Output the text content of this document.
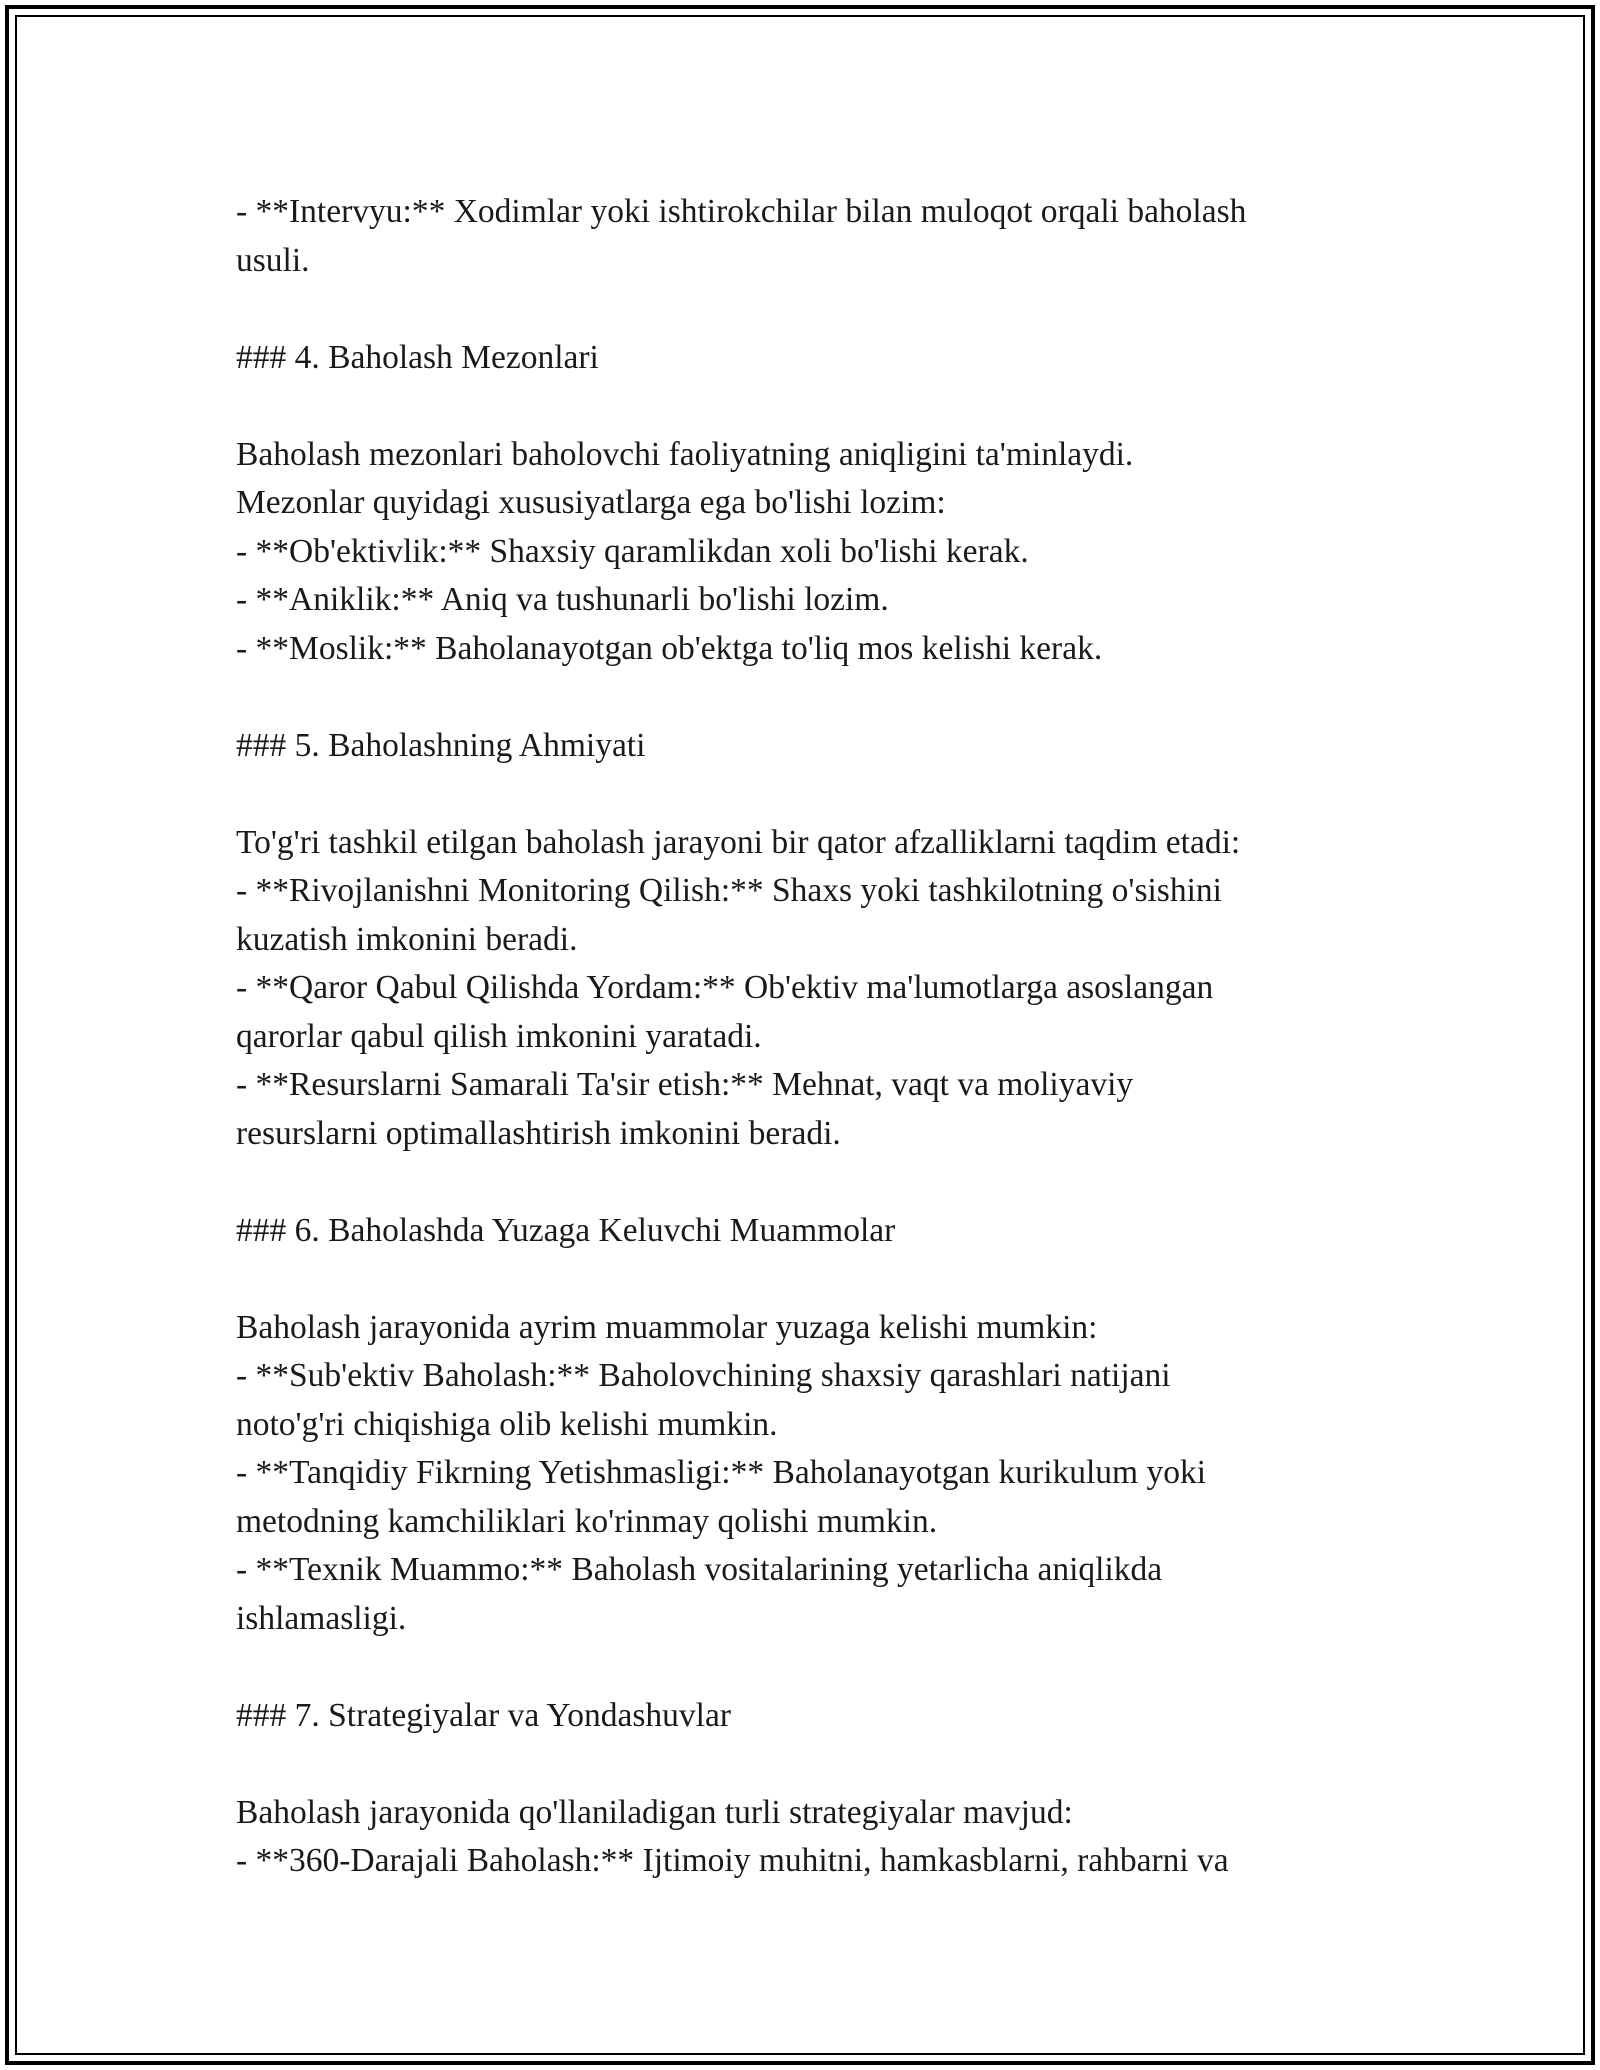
- **Intervyu:** Xodimlar yoki ishtirokchilar bilan muloqot orqali baholash
usuli.
### 4. Baholash Mezonlari
Baholash mezonlari baholovchi faoliyatning aniqligini ta'minlaydi.
Mezonlar quyidagi xususiyatlarga ega bo'lishi lozim:
- **Ob'ektivlik:** Shaxsiy qaramlikdan xoli bo'lishi kerak.
- **Aniklik:** Aniq va tushunarli bo'lishi lozim.
- **Moslik:** Baholanayotgan ob'ektga to'liq mos kelishi kerak.
### 5. Baholashning Ahmiyati
To'g'ri tashkil etilgan baholash jarayoni bir qator afzalliklarni taqdim etadi:
- **Rivojlanishni Monitoring Qilish:** Shaxs yoki tashkilotning o'sishini
kuzatish imkonini beradi.
- **Qaror Qabul Qilishda Yordam:** Ob'ektiv ma'lumotlarga asoslangan
qarorlar qabul qilish imkonini yaratadi.
- **Resurslarni Samarali Ta'sir etish:** Mehnat, vaqt va moliyaviy
resurslarni optimallashtirish imkonini beradi.
### 6. Baholashda Yuzaga Keluvchi Muammolar
Baholash jarayonida ayrim muammolar yuzaga kelishi mumkin:
- **Sub'ektiv Baholash:** Baholovchining shaxsiy qarashlari natijani
noto'g'ri chiqishiga olib kelishi mumkin.
- **Tanqidiy Fikrning Yetishmasligi:** Baholanayotgan kurikulum yoki
metodning kamchiliklari ko'rinmay qolishi mumkin.
- **Texnik Muammo:** Baholash vositalarining yetarlicha aniqlikda
ishlamasligi.
### 7. Strategiyalar va Yondashuvlar
Baholash jarayonida qo'llaniladigan turli strategiyalar mavjud:
- **360-Darajali Baholash:** Ijtimoiy muhitni, hamkasblarni, rahbarni va
